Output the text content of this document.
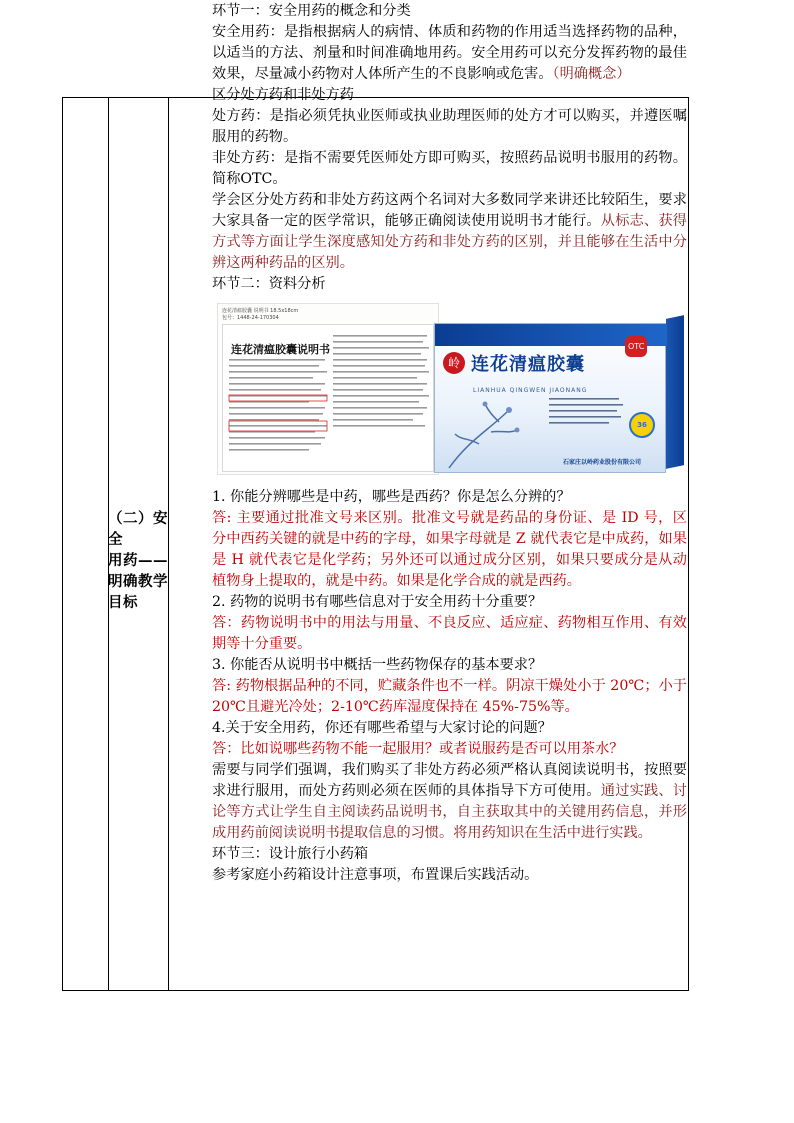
（二）安全
用药——
明确教学
目标

环节一：安全用药的概念和分类

安全用药：是指根据病人的病情、体质和药物的作用适当选择药物的品种，以适当的方法、剂量和时间准确地用药。安全用药可以充分发挥药物的最佳效果，尽量减小药物对人体所产生的不良影响或危害。（明确概念）

区分处方药和非处方药

处方药：是指必须凭执业医师或执业助理医师的处方才可以购买，并遵医嘱服用的药物。

非处方药：是指不需要凭医师处方即可购买，按照药品说明书服用的药物。简称OTC。

学会区分处方药和非处方药这两个名词对大多数同学来讲还比较陌生，要求大家具备一定的医学常识，能够正确阅读使用说明书才能行。从标志、获得方式等方面让学生深度感知处方药和非处方药的区别，并且能够在生活中分辨这两种药品的区别。

环节二：资料分析

连花清瘟胶囊 说明书 18.5x18cm
包号：1448-24-170304
连花清瘟胶囊说明书
岭
OTC
连花清瘟胶囊
LIANHUA QINGWEN JIAONANG
36
石家庄以岭药业股份有限公司

1. 你能分辨哪些是中药，哪些是西药？你是怎么分辨的？

答: 主要通过批准文号来区别。批准文号就是药品的身份证、是 ID 号，区分中西药关键的就是中药的字母，如果字母就是 Z 就代表它是中成药，如果是 H 就代表它是化学药；另外还可以通过成分区别，如果只要成分是从动植物身上提取的，就是中药。如果是化学合成的就是西药。

2. 药物的说明书有哪些信息对于安全用药十分重要？

答：药物说明书中的用法与用量、不良反应、适应症、药物相互作用、有效期等十分重要。

3. 你能否从说明书中概括一些药物保存的基本要求？

答: 药物根据品种的不同，贮藏条件也不一样。阴凉干燥处小于 20℃；小于 20℃且避光冷处；2-10℃药库湿度保持在 45%-75%等。

4.关于安全用药，你还有哪些希望与大家讨论的问题？

答：比如说哪些药物不能一起服用？或者说服药是否可以用茶水？

需要与同学们强调，我们购买了非处方药必须严格认真阅读说明书，按照要求进行服用，而处方药则必须在医师的具体指导下方可使用。通过实践、讨论等方式让学生自主阅读药品说明书，自主获取其中的关键用药信息，并形成用药前阅读说明书提取信息的习惯。将用药知识在生活中进行实践。

环节三：设计旅行小药箱

参考家庭小药箱设计注意事项，布置课后实践活动。
